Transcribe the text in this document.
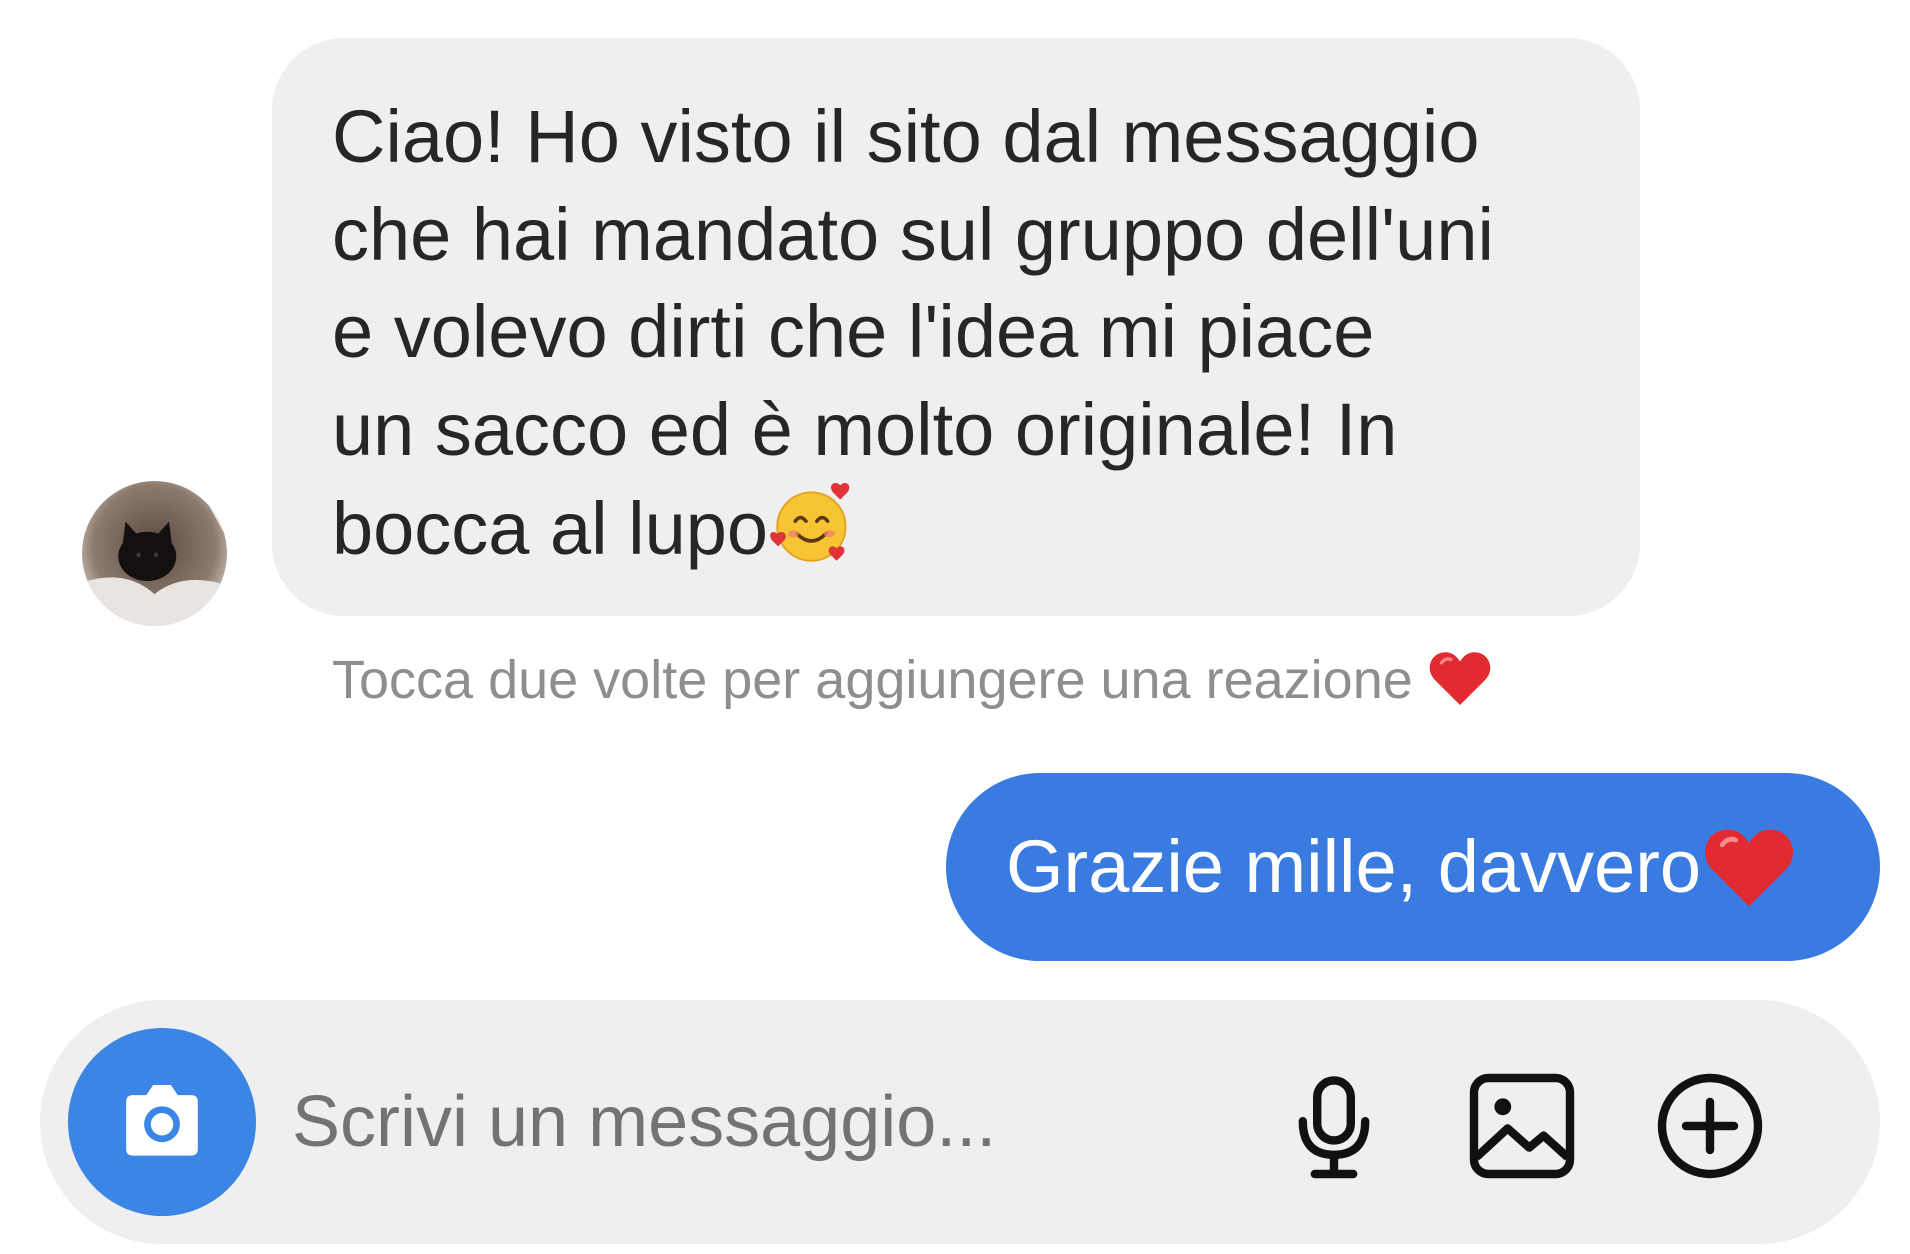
Ciao! Ho visto il sito dal messaggio
che hai mandato sul gruppo dell'uni
e volevo dirti che l'idea mi piace
un sacco ed è molto originale! In
bocca al lupo
Tocca due volte per aggiungere una reazione
Grazie mille, davvero
Scrivi un messaggio...
